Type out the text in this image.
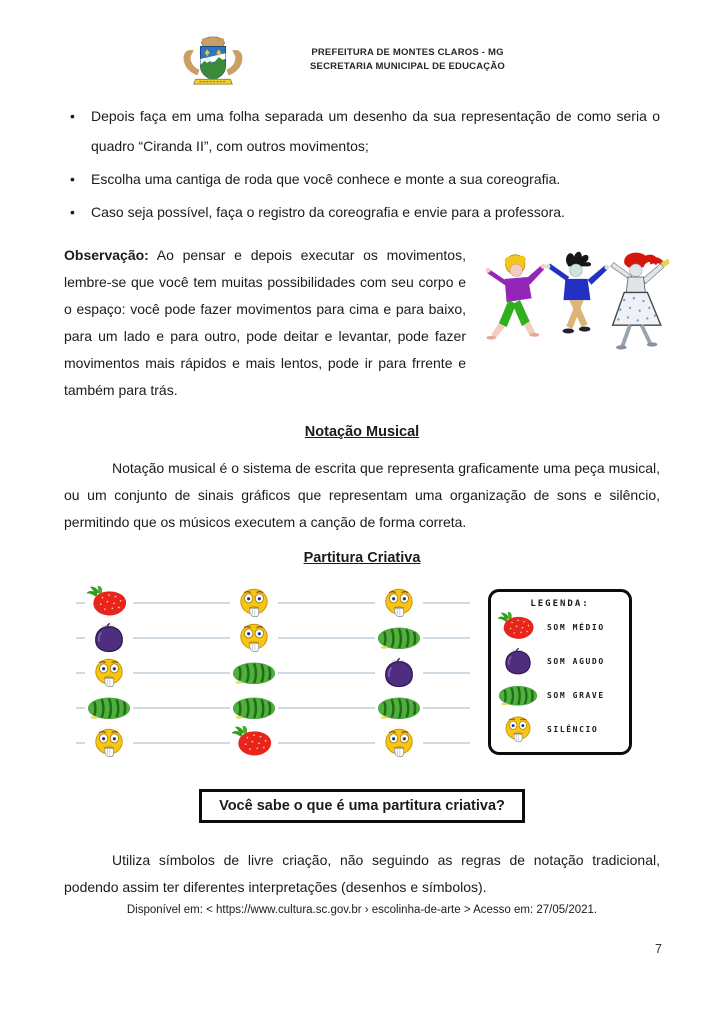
PREFEITURA DE MONTES CLAROS - MG
SECRETARIA MUNICIPAL DE EDUCAÇÃO
• Depois faça em uma folha separada um desenho da sua representação de como seria o quadro “Ciranda II”, com outros movimentos;
• Escolha uma cantiga de roda que você conhece e monte a sua coreografia.
• Caso seja possível, faça o registro da coreografia e envie para a professora.
Observação: Ao pensar e depois executar os movimentos, lembre-se que você tem muitas possibilidades com seu corpo e o espaço: você pode fazer movimentos para cima e para baixo, para um lado e para outro, pode deitar e levantar, pode fazer movimentos mais rápidos e mais lentos, pode ir para frrente e também para trás.
Notação Musical

Notação musical é o sistema de escrita que representa graficamente uma peça musical, ou um conjunto de sinais gráficos que representam uma organização de sons e silêncio, permitindo que os músicos executem a canção de forma correta.

Partitura Criativa
LEGENDA:
SOM MÉDIO
SOM AGUDO
SOM GRAVE
SILÊNCIO
Você sabe o que é uma partitura criativa?

Utiliza símbolos de livre criação, não seguindo as regras de notação tradicional, podendo assim ter diferentes interpretações (desenhos e símbolos).

Disponível em: < https://www.cultura.sc.gov.br › escolinha-de-arte > Acesso em: 27/05/2021.

7
